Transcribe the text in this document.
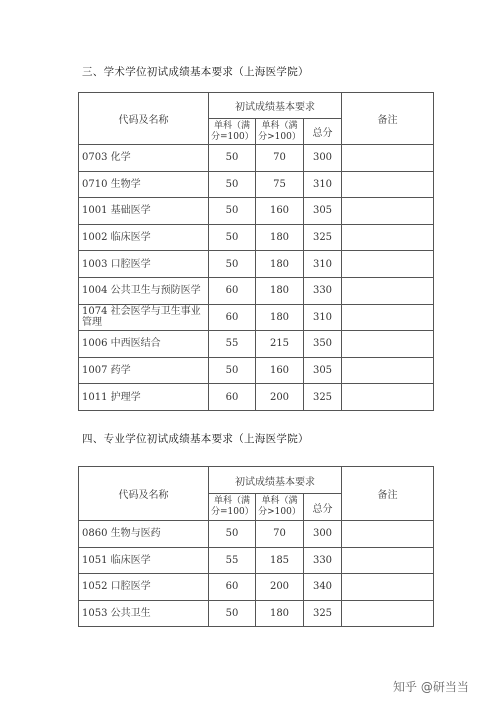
三、学术学位初试成绩基本要求（上海医学院）
代码及名称	初试成绩基本要求			备注
	单科（满分=100）	单科（满分>100）	总分	
0703 化学	50	70	300	
0710 生物学	50	75	310	
1001 基础医学	50	160	305	
1002 临床医学	50	180	325	
1003 口腔医学	50	180	310	
1004 公共卫生与预防医学	60	180	330	
1074 社会医学与卫生事业管理	60	180	310	
1006 中西医结合	55	215	350	
1007 药学	50	160	305	
1011 护理学	60	200	325	
四、专业学位初试成绩基本要求（上海医学院）
代码及名称	初试成绩基本要求			备注
	单科（满分=100）	单科（满分>100）	总分	
0860 生物与医药	50	70	300	
1051 临床医学	55	185	330	
1052 口腔医学	60	200	340	
1053 公共卫生	50	180	325	
知乎 @研当当
